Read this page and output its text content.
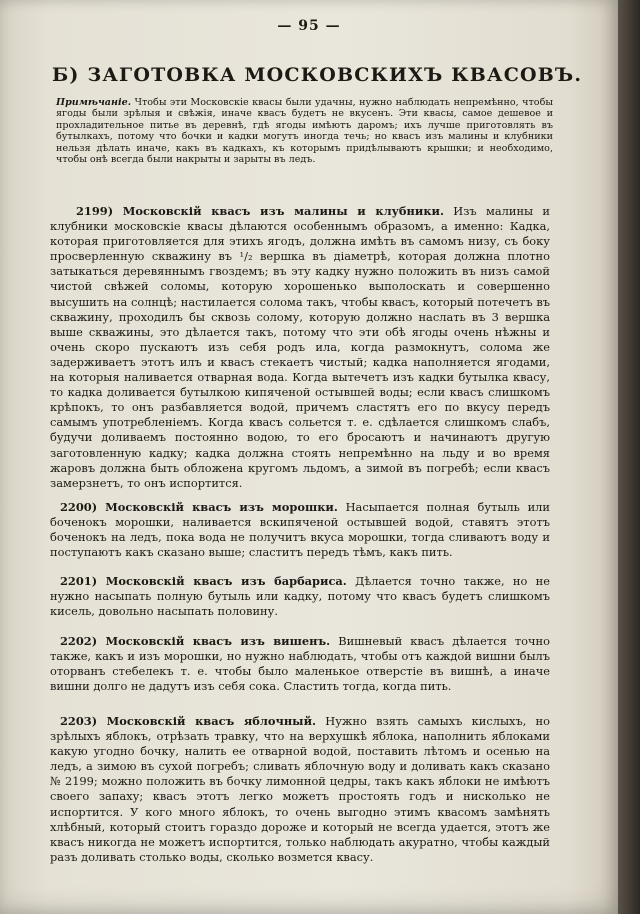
— 95 —
Б) ЗАГОТОВКА МОСКОВСКИХЪ КВАСОВЪ.
Примѣчаніе. Чтобы эти Московскіе квасы были удачны, нужно наблюдать непремѣнно, чтобы ягоды были зрѣлыя и свѣжія, иначе квасъ будетъ не вкусенъ. Эти квасы, самое дешевое и прохладительное питье въ деревнѣ, гдѣ ягоды имѣютъ даромъ; ихъ лучше приготовлять въ бутылкахъ, потому что бочки и кадки могутъ иногда течь; но квасъ изъ малины и клубники нельзя дѣлать иначе, какъ въ кадкахъ, къ которымъ придѣлываютъ крышки; и необходимо, чтобы онѣ всегда были накрыты и зарыты въ ледъ.
2199) Московскій квасъ изъ малины и клубники. Изъ малины и клубники московскіе квасы дѣлаются особеннымъ образомъ, а именно: Кадка, которая приготовляется для этихъ ягодъ, должна имѣть въ самомъ низу, съ боку просверленную скважину въ ¹/₂ вершка въ діаметрѣ, которая должна плотно затыкаться деревяннымъ гвоздемъ; въ эту кадку нужно положить въ низъ самой чистой свѣжей соломы, которую хорошенько выполоскать и совершенно высушить на солнцѣ; настилается солома такъ, чтобы квасъ, который потечетъ въ скважину, проходилъ бы сквозь солому, которую должно наслать въ 3 вершка выше скважины, это дѣлается такъ, потому что эти обѣ ягоды очень нѣжны и очень скоро пускаютъ изъ себя родъ ила, когда размокнутъ, солома же задерживаетъ этотъ илъ и квасъ стекаетъ чистый; кадка наполняется ягодами, на которыя наливается отварная вода. Когда вытечетъ изъ кадки бутылка квасу, то кадка доливается бутылкою кипяченой остывшей воды; если квасъ слишкомъ крѣпокъ, то онъ разбавляется водой, причемъ сластятъ его по вкусу передъ самымъ употребленіемъ. Когда квасъ сольется т. е. сдѣлается слишкомъ слабъ, будучи доливаемъ постоянно водою, то его бросаютъ и начинаютъ другую заготовленную кадку; кадка должна стоять непремѣнно на льду и во время жаровъ должна быть обложена кругомъ льдомъ, а зимой въ погребѣ; если квасъ замерзнетъ, то онъ испортится.
2200) Московскій квасъ изъ морошки. Насыпается полная бутыль или боченокъ морошки, наливается вскипяченой остывшей водой, ставятъ этотъ боченокъ на ледъ, пока вода не получитъ вкуса морошки, тогда сливаютъ воду и поступаютъ какъ сказано выше; сластитъ передъ тѣмъ, какъ пить.
2201) Московскій квасъ изъ барбариса. Дѣлается точно также, но не нужно насыпать полную бутыль или кадку, потому что квасъ будетъ слишкомъ кисель, довольно насыпать половину.
2202) Московскій квасъ изъ вишенъ. Вишневый квасъ дѣлается точно также, какъ и изъ морошки, но нужно наблюдать, чтобы отъ каждой вишни былъ оторванъ стебелекъ т. е. чтобы было маленькое отверстіе въ вишнѣ, а иначе вишни долго не дадутъ изъ себя сока. Сластить тогда, когда пить.
2203) Московскій квасъ яблочный. Нужно взять самыхъ кислыхъ, но зрѣлыхъ яблокъ, отрѣзать травку, что на верхушкѣ яблока, наполнить яблоками какую угодно бочку, налить ее отварной водой, поставить лѣтомъ и осенью на ледъ, а зимою въ сухой погребъ; сливать яблочную воду и доливать какъ сказано № 2199; можно положить въ бочку лимонной цедры, такъ какъ яблоки не имѣютъ своего запаху; квасъ этотъ легко можетъ простоять годъ и нисколько не испортится. У кого много яблокъ, то очень выгодно этимъ квасомъ замѣнять хлѣбный, который стоитъ гораздо дороже и который не всегда удается, этотъ же квасъ никогда не можетъ испортится, только наблюдать акуратно, чтобы каждый разъ доливать столько воды, сколько возмется квасу.
